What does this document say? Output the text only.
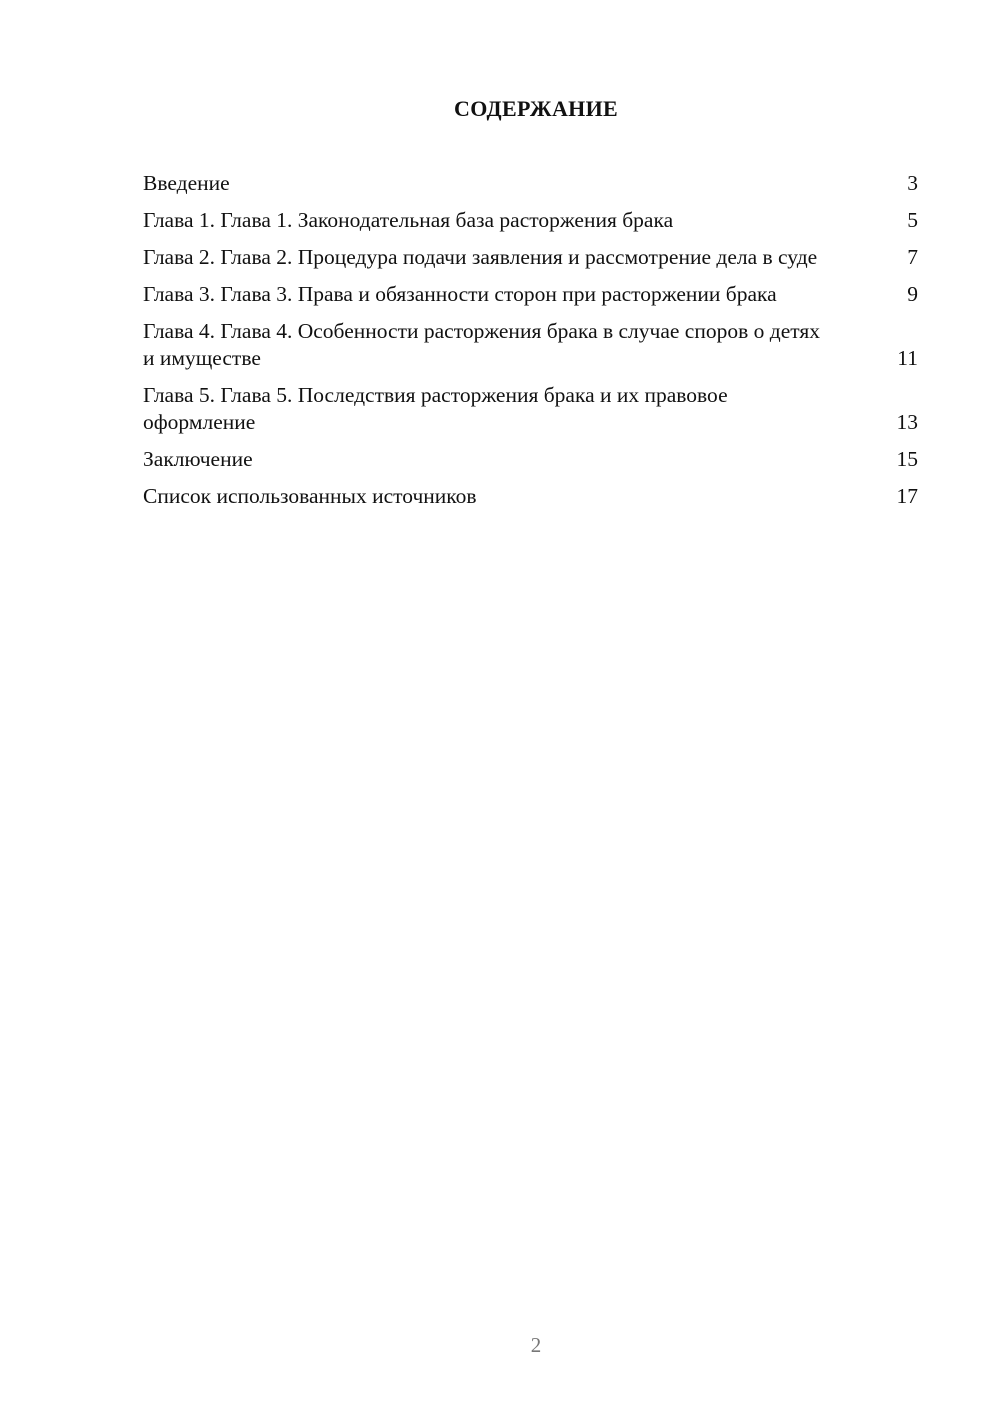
СОДЕРЖАНИЕ
Введение	3
Глава 1. Глава 1. Законодательная база расторжения брака	5
Глава 2. Глава 2. Процедура подачи заявления и рассмотрение дела в суде	7
Глава 3. Глава 3. Права и обязанности сторон при расторжении брака	9
Глава 4. Глава 4. Особенности расторжения брака в случае споров о детях и имуществе	11
Глава 5. Глава 5. Последствия расторжения брака и их правовое оформление	13
Заключение	15
Список использованных источников	17
2
